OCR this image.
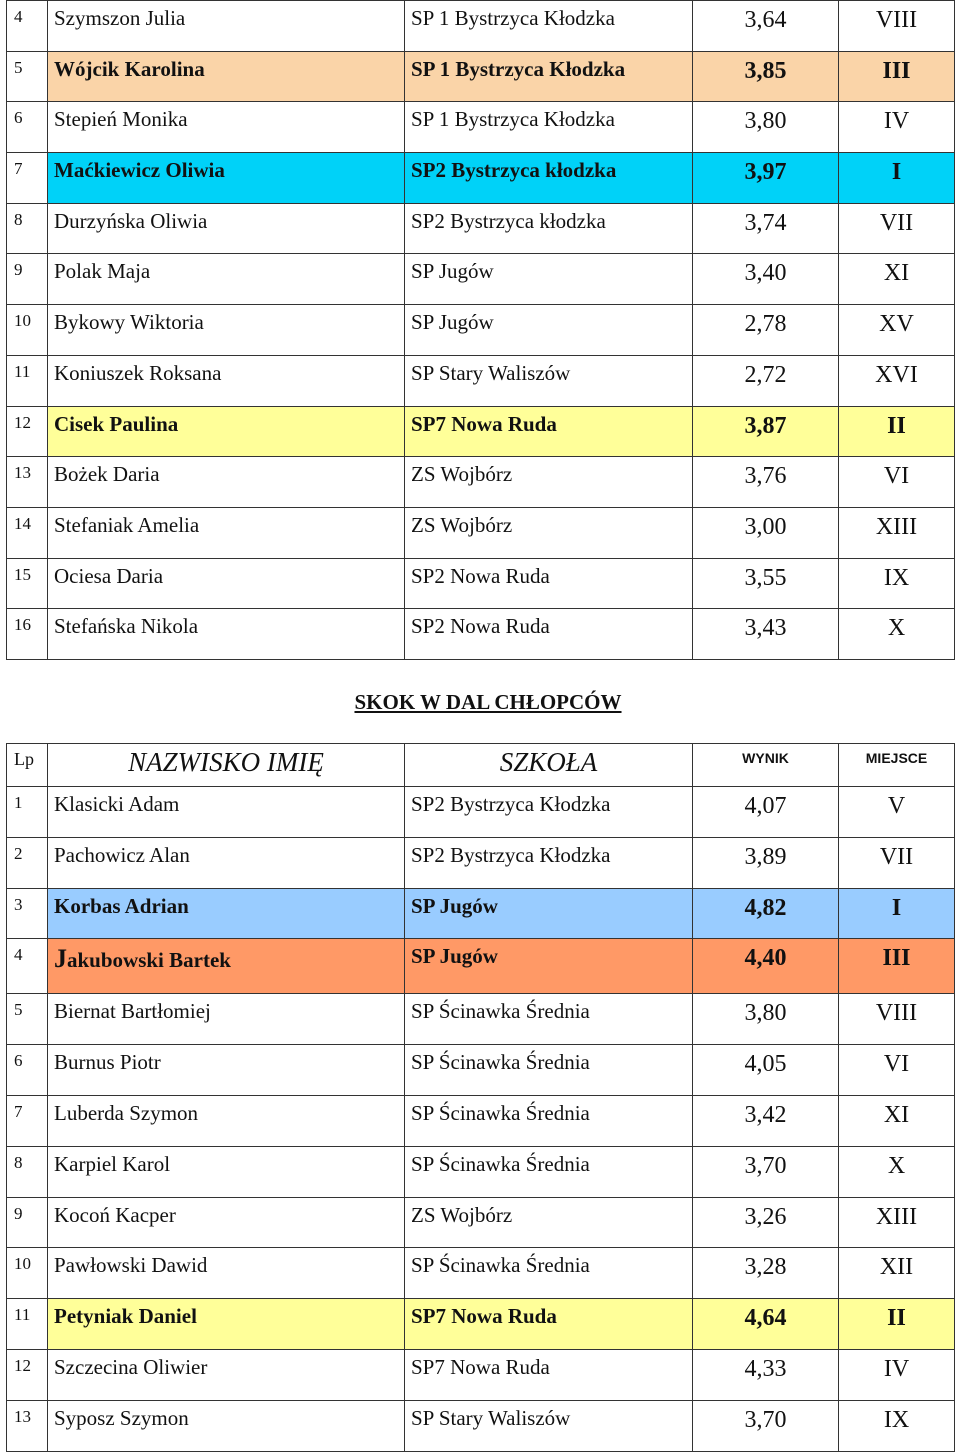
4	Szymszon Julia	SP 1 Bystrzyca Kłodzka	3,64	VIII
5	Wójcik Karolina	SP 1 Bystrzyca Kłodzka	3,85	III
6	Stepień Monika	SP 1 Bystrzyca Kłodzka	3,80	IV
7	Maćkiewicz Oliwia	SP2 Bystrzyca kłodzka	3,97	I
8	Durzyńska Oliwia	SP2 Bystrzyca kłodzka	3,74	VII
9	Polak Maja	SP Jugów	3,40	XI
10	Bykowy Wiktoria	SP Jugów	2,78	XV
11	Koniuszek Roksana	SP Stary Waliszów	2,72	XVI
12	Cisek Paulina	SP7 Nowa Ruda	3,87	II
13	Bożek Daria	ZS Wojbórz	3,76	VI
14	Stefaniak Amelia	ZS Wojbórz	3,00	XIII
15	Ociesa Daria	SP2 Nowa Ruda	3,55	IX
16	Stefańska Nikola	SP2 Nowa Ruda	3,43	X
SKOK W DAL CHŁOPCÓW
Lp	NAZWISKO IMIĘ	SZKOŁA	WYNIK	MIEJSCE
1	Klasicki Adam	SP2 Bystrzyca Kłodzka	4,07	V
2	Pachowicz Alan	SP2 Bystrzyca Kłodzka	3,89	VII
3	Korbas Adrian	SP Jugów	4,82	I
4	Jakubowski Bartek	SP Jugów	4,40	III
5	Biernat Bartłomiej	SP Ścinawka Średnia	3,80	VIII
6	Burnus Piotr	SP Ścinawka Średnia	4,05	VI
7	Luberda Szymon	SP Ścinawka Średnia	3,42	XI
8	Karpiel Karol	SP Ścinawka Średnia	3,70	X
9	Kocoń Kacper	ZS Wojbórz	3,26	XIII
10	Pawłowski Dawid	SP Ścinawka Średnia	3,28	XII
11	Petyniak Daniel	SP7 Nowa Ruda	4,64	II
12	Szczecina Oliwier	SP7 Nowa Ruda	4,33	IV
13	Syposz Szymon	SP Stary Waliszów	3,70	IX
